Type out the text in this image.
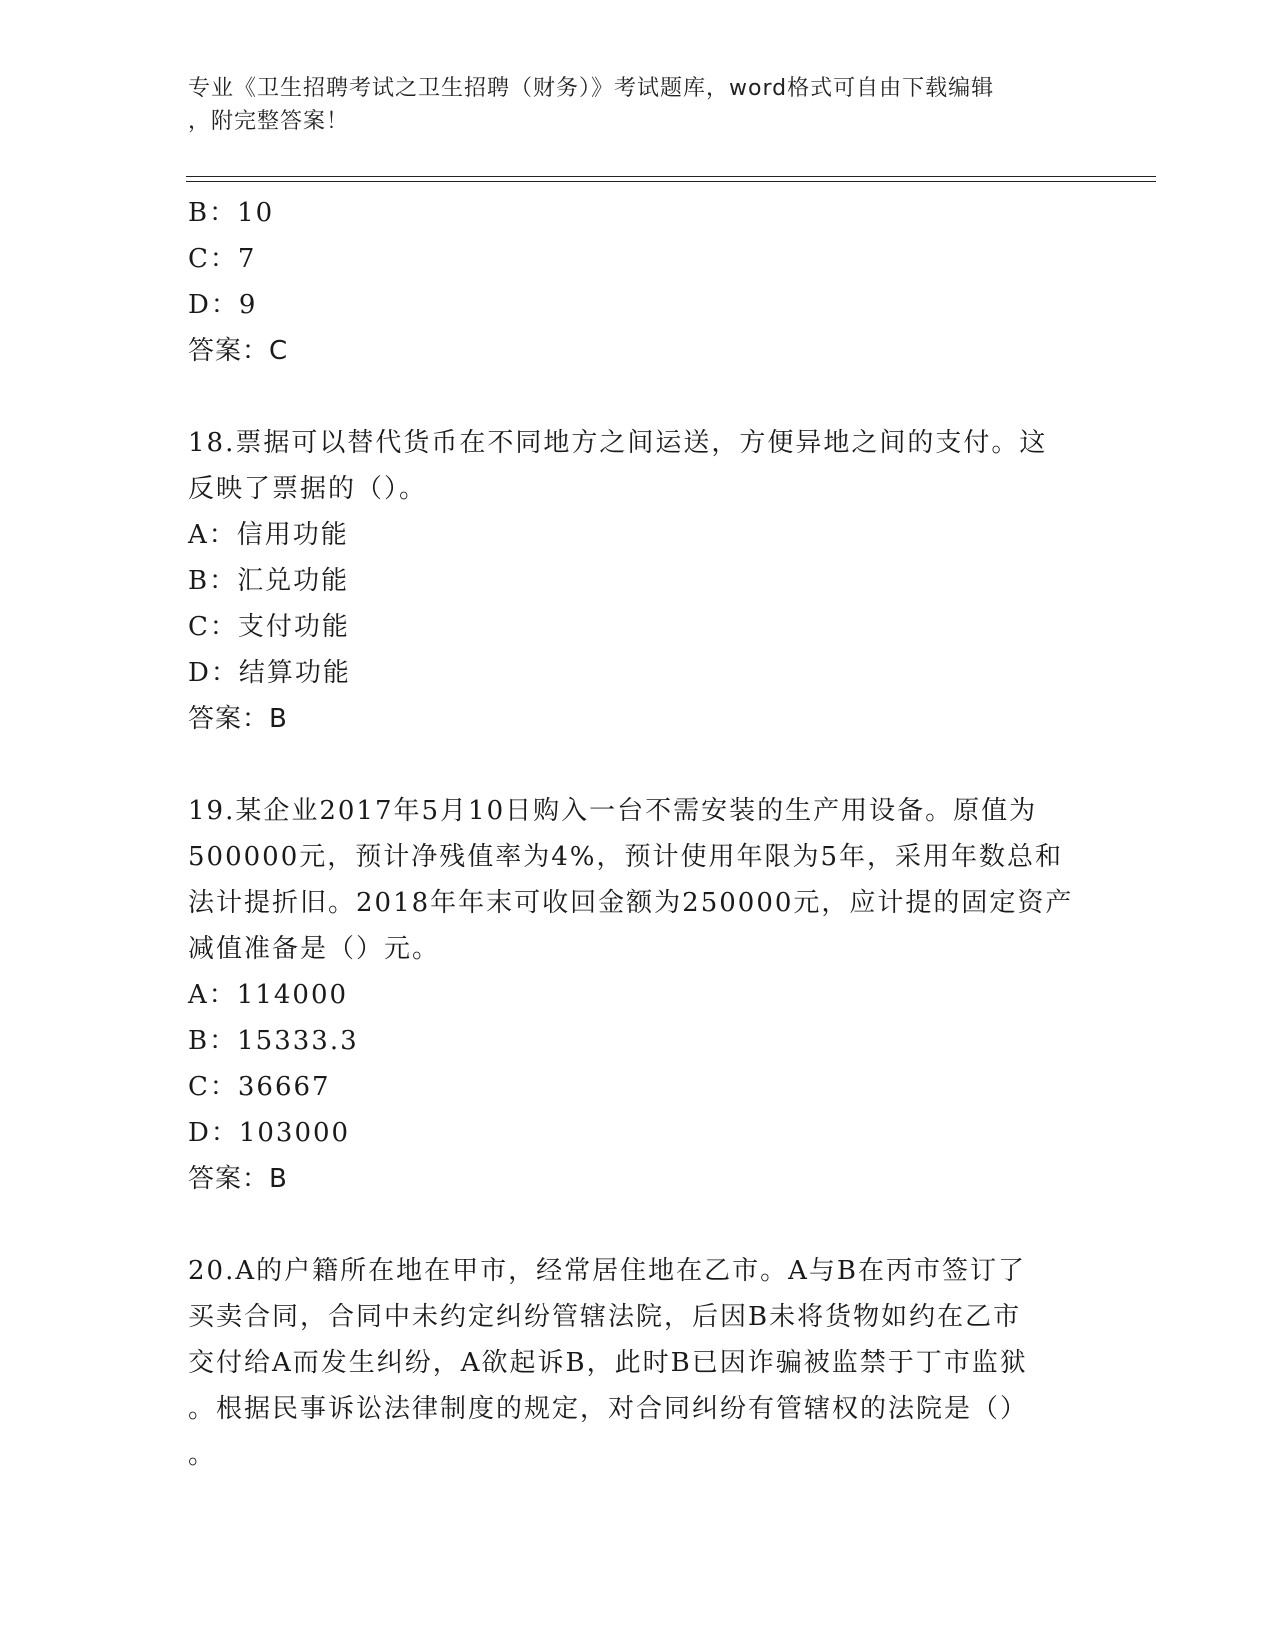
专业《卫生招聘考试之卫生招聘（财务）》考试题库，word格式可自由下载编辑
，附完整答案！
B：10
C：7
D：9
答案：C
18.票据可以替代货币在不同地方之间运送，方便异地之间的支付。这
反映了票据的（）。
A：信用功能
B：汇兑功能
C：支付功能
D：结算功能
答案：B
19.某企业2017年5月10日购入一台不需安装的生产用设备。原值为
500000元，预计净残值率为4%，预计使用年限为5年，采用年数总和
法计提折旧。2018年年末可收回金额为250000元，应计提的固定资产
减值准备是（）元。
A：114000
B：15333.3
C：36667
D：103000
答案：B
20.A的户籍所在地在甲市，经常居住地在乙市。A与B在丙市签订了
买卖合同，合同中未约定纠纷管辖法院，后因B未将货物如约在乙市
交付给A而发生纠纷，A欲起诉B，此时B已因诈骗被监禁于丁市监狱
。根据民事诉讼法律制度的规定，对合同纠纷有管辖权的法院是（）
。
